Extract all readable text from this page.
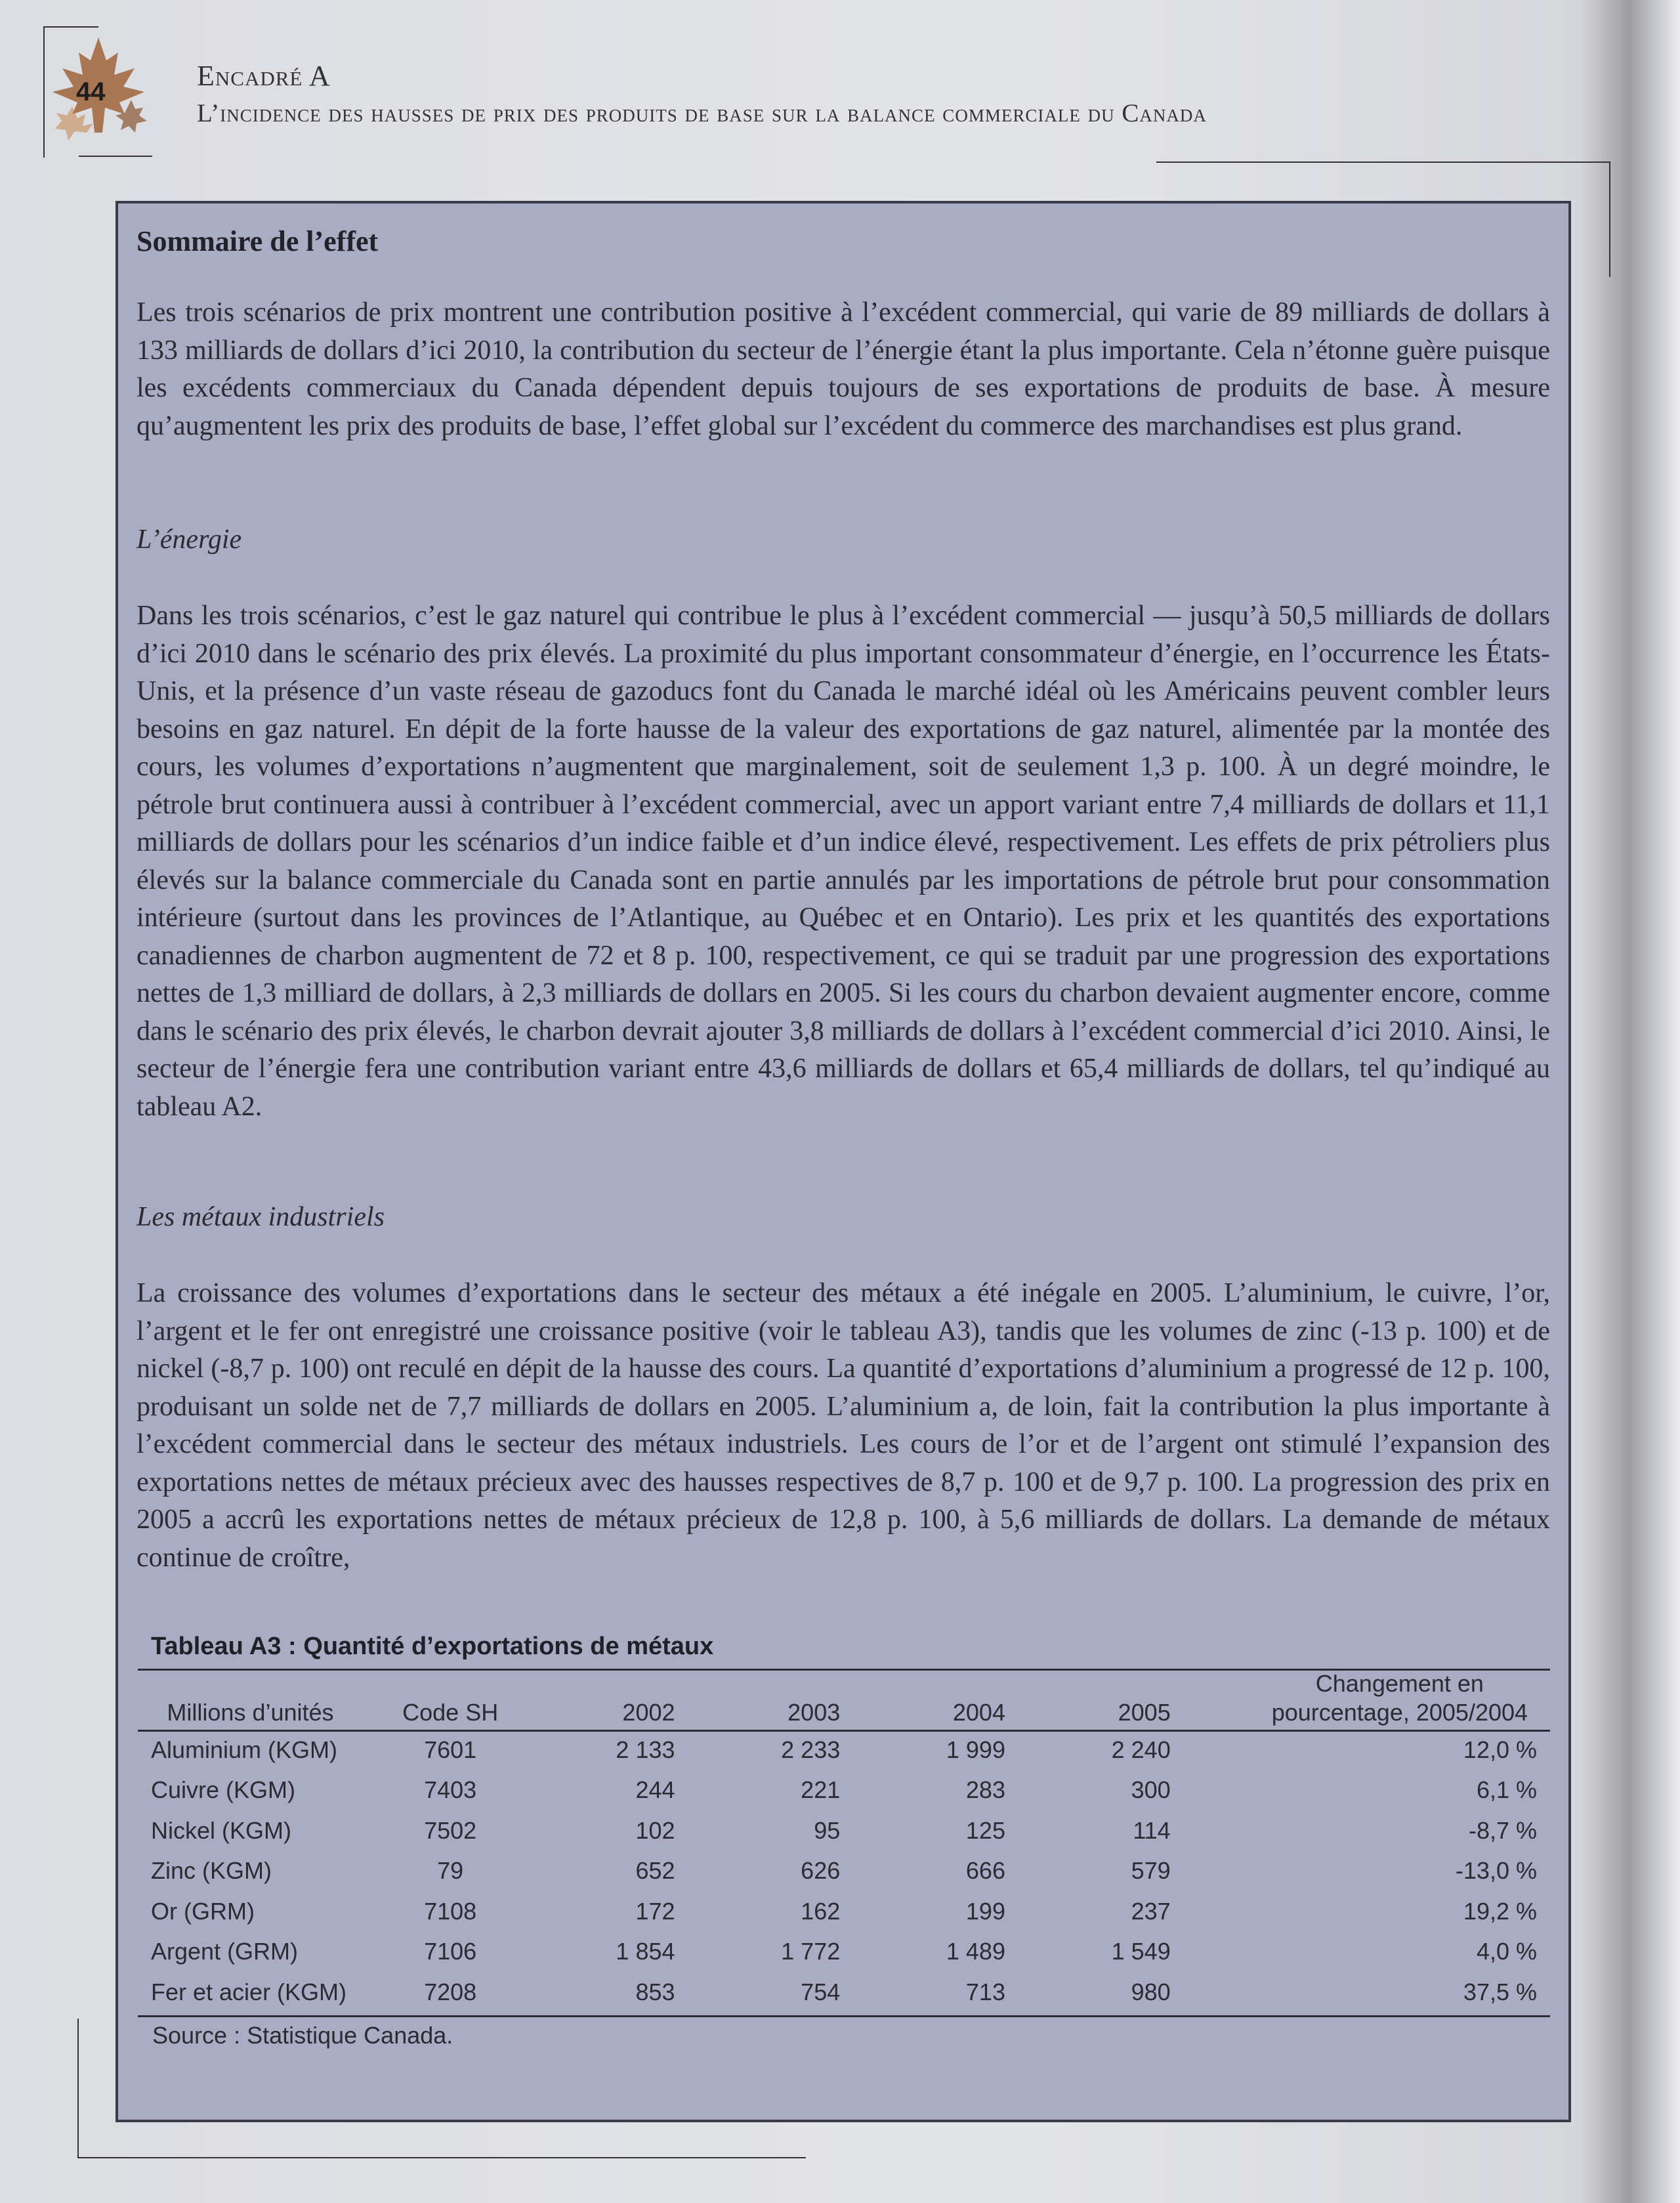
44	Encadré A
L’incidence des hausses de prix des produits de base sur la balance commerciale du Canada
Sommaire de l’effet

Les trois scénarios de prix montrent une contribution positive à l’excédent commercial, qui varie de 89 milliards de dollars à 133 milliards de dollars d’ici 2010, la contribution du secteur de l’énergie étant la plus importante. Cela n’étonne guère puisque les excédents commerciaux du Canada dépendent depuis toujours de ses exportations de produits de base. À mesure qu’augmentent les prix des produits de base, l’effet global sur l’excédent du commerce des marchandises est plus grand.

L’énergie

Dans les trois scénarios, c’est le gaz naturel qui contribue le plus à l’excédent commercial — jusqu’à 50,5 milliards de dollars d’ici 2010 dans le scénario des prix élevés. La proximité du plus important consommateur d’énergie, en l’occurrence les États-Unis, et la présence d’un vaste réseau de gazoducs font du Canada le marché idéal où les Américains peuvent combler leurs besoins en gaz naturel. En dépit de la forte hausse de la valeur des exportations de gaz naturel, alimentée par la montée des cours, les volumes d’exportations n’augmentent que marginalement, soit de seulement 1,3 p. 100. À un degré moindre, le pétrole brut continuera aussi à contribuer à l’excédent commercial, avec un apport variant entre 7,4 milliards de dollars et 11,1 milliards de dollars pour les scénarios d’un indice faible et d’un indice élevé, respectivement. Les effets de prix pétroliers plus élevés sur la balance commerciale du Canada sont en partie annulés par les importations de pétrole brut pour consommation intérieure (surtout dans les provinces de l’Atlantique, au Québec et en Ontario). Les prix et les quantités des exportations canadiennes de charbon augmentent de 72 et 8 p. 100, respectivement, ce qui se traduit par une progression des exportations nettes de 1,3 milliard de dollars, à 2,3 milliards de dollars en 2005. Si les cours du charbon devaient augmenter encore, comme dans le scénario des prix élevés, le charbon devrait ajouter 3,8 milliards de dollars à l’excédent commercial d’ici 2010. Ainsi, le secteur de l’énergie fera une contribution variant entre 43,6 milliards de dollars et 65,4 milliards de dollars, tel qu’indiqué au tableau A2.

Les métaux industriels

La croissance des volumes d’exportations dans le secteur des métaux a été inégale en 2005. L’aluminium, le cuivre, l’or, l’argent et le fer ont enregistré une croissance positive (voir le tableau A3), tandis que les volumes de zinc (-13 p. 100) et de nickel (-8,7 p. 100) ont reculé en dépit de la hausse des cours. La quantité d’exportations d’aluminium a progressé de 12 p. 100, produisant un solde net de 7,7 milliards de dollars en 2005. L’aluminium a, de loin, fait la contribution la plus importante à l’excédent commercial dans le secteur des métaux industriels. Les cours de l’or et de l’argent ont stimulé l’expansion des exportations nettes de métaux précieux avec des hausses respectives de 8,7 p. 100 et de 9,7 p. 100. La progression des prix en 2005 a accrû les exportations nettes de métaux précieux de 12,8 p. 100, à 5,6 milliards de dollars. La demande de métaux continue de croître,

Tableau A3 : Quantité d’exportations de métaux
Millions d’unités	Code SH	2002	2003	2004	2005	Changement en pourcentage, 2005/2004
Aluminium (KGM)	7601	2 133	2 233	1 999	2 240	12,0 %
Cuivre (KGM)	7403	244	221	283	300	6,1 %
Nickel (KGM)	7502	102	95	125	114	-8,7 %
Zinc (KGM)	79	652	626	666	579	-13,0 %
Or (GRM)	7108	172	162	199	237	19,2 %
Argent (GRM)	7106	1 854	1 772	1 489	1 549	4,0 %
Fer et acier (KGM)	7208	853	754	713	980	37,5 %
Source : Statistique Canada.
